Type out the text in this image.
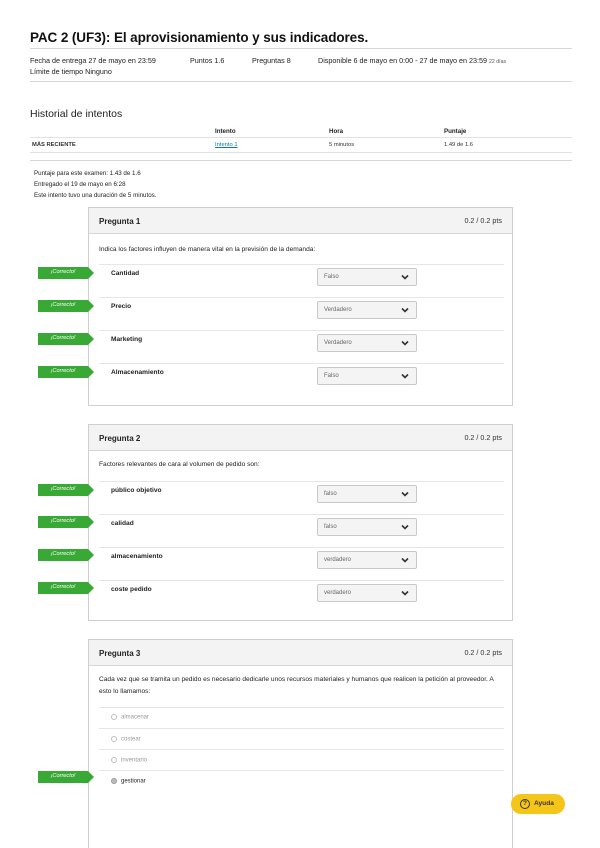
PAC 2 (UF3): El aprovisionamiento y sus indicadores.
Fecha de entrega 27 de mayo en 23:59	Puntos 1.6	Preguntas 8	Disponible 6 de mayo en 0:00 - 27 de mayo en 23:59 22 días
Límite de tiempo Ninguno
Historial de intentos
Intento	Hora	Puntaje
MÁS RECIENTE	Intento 1	5 minutos	1.49 de 1.6
Puntaje para este examen: 1.43 de 1.6
Entregado el 19 de mayo en 6:28
Este intento tuvo una duración de 5 minutos.
Pregunta 1	0.2 / 0.2 pts
Indica los factores influyen de manera vital en la previsión de la demanda:
Cantidad	Falso
Precio	Verdadero
Marketing	Verdadero
Almacenamiento	Falso
¡Correcto!
¡Correcto!
¡Correcto!
¡Correcto!
Pregunta 2	0.2 / 0.2 pts
Factores relevantes de cara al volumen de pedido son:
público objetivo	falso
calidad	falso
almacenamiento	verdadero
coste pedido	verdadero
¡Correcto!
¡Correcto!
¡Correcto!
¡Correcto!
Pregunta 3	0.2 / 0.2 pts
Cada vez que se tramita un pedido es necesario dedicarle unos recursos materiales y humanos que realicen la petición al proveedor. A esto lo llamamos:
almacenar
costear
inventario
gestionar
¡Correcto!
?	Ayuda
